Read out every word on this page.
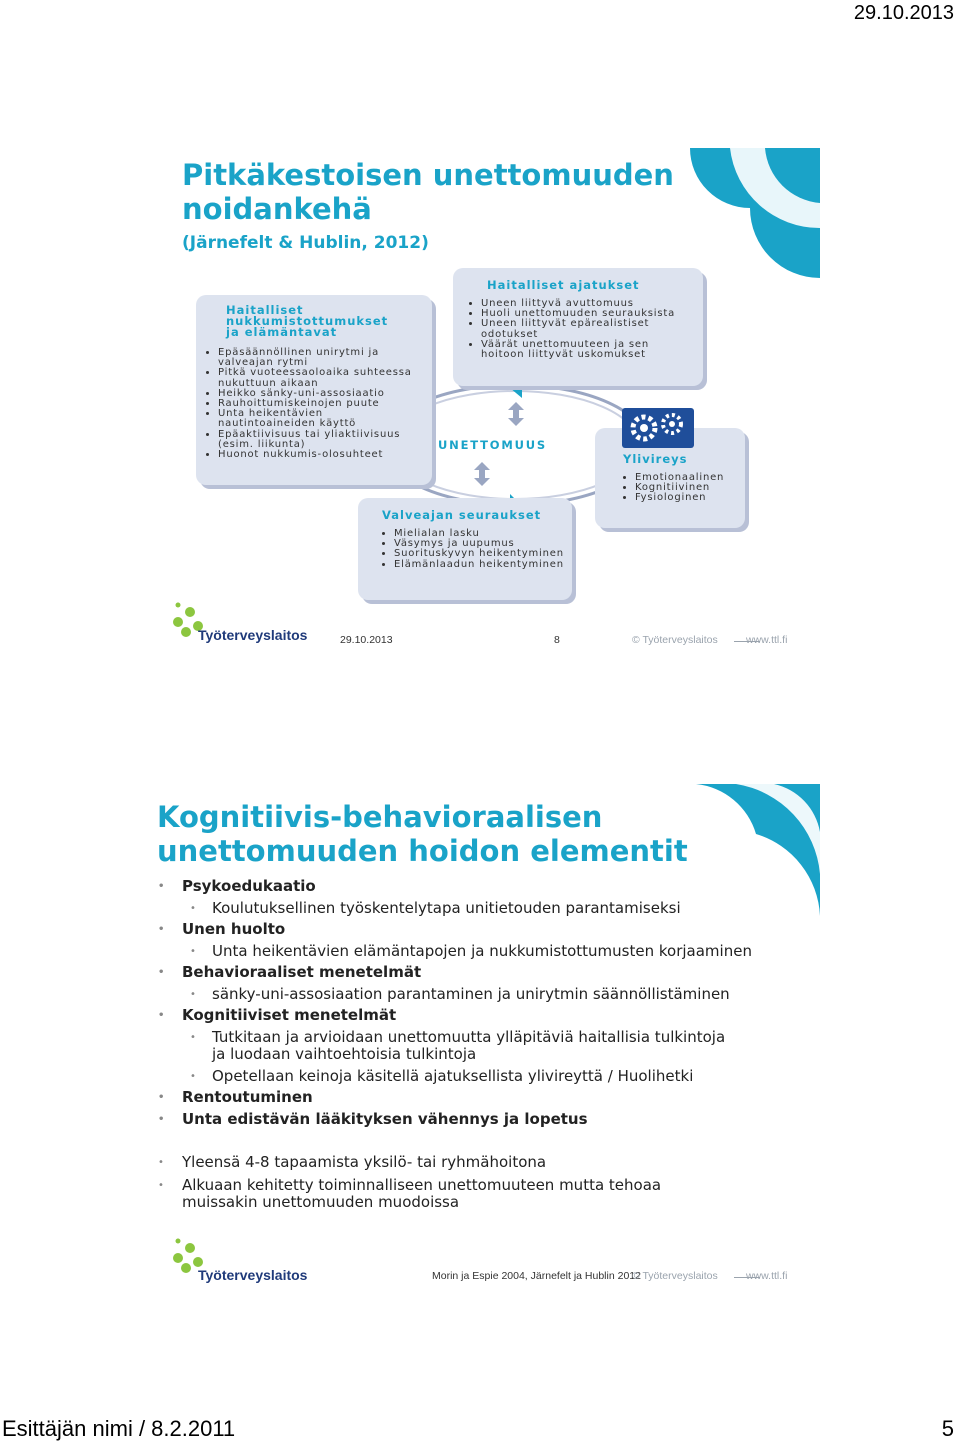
29.10.2013
Esittäjän nimi / 8.2.2011	5
Pitkäkestoisen unettomuuden
noidankehä
(Järnefelt & Hublin, 2012)
UNETTOMUUS
Haitalliset
nukkumistottumukset
ja elämäntavat
• Epäsäännöllinen unirytmi ja valveajan rytmi
• Pitkä vuoteessaoloaika suhteessa nukuttuun aikaan
• Heikko sänky-uni-assosiaatio
• Rauhoittumiskeinojen puute
• Unta heikentävien nautintoaineiden käyttö
• Epäaktiivisuus tai yliaktiivisuus (esim. liikunta)
• Huonot nukkumis-olosuhteet
Haitalliset ajatukset
• Uneen liittyvä avuttomuus
• Huoli unettomuuden seurauksista
• Uneen liittyvät epärealistiset odotukset
• Väärät unettomuuteen ja sen hoitoon liittyvät uskomukset
Ylivireys
• Emotionaalinen
• Kognitiivinen
• Fysiologinen
Valveajan seuraukset
• Mielialan lasku
• Väsymys ja uupumus
• Suorituskyvyn heikentyminen
• Elämänlaadun heikentyminen
Työterveyslaitos	29.10.2013	8	© Työterveyslaitos	www.ttl.fi
Kognitiivis-behavioraalisen
unettomuuden hoidon elementit
• Psykoedukaatio
• Koulutuksellinen työskentelytapa unitietouden parantamiseksi
• Unen huolto
• Unta heikentävien elämäntapojen ja nukkumistottumusten korjaaminen
• Behavioraaliset menetelmät
• sänky-uni-assosiaation parantaminen ja unirytmin säännöllistäminen
• Kognitiiviset menetelmät
• Tutkitaan ja arvioidaan unettomuutta ylläpitäviä haitallisia tulkintoja ja luodaan vaihtoehtoisia tulkintoja
• Opetellaan keinoja käsitellä ajatuksellista ylivireyttä / Huolihetki
• Rentoutuminen
• Unta edistävän lääkityksen vähennys ja lopetus
• Yleensä 4-8 tapaamista yksilö- tai ryhmähoitona
• Alkuaan kehitetty toiminnalliseen unettomuuteen mutta tehoaa muissakin unettomuuden muodoissa
Työterveyslaitos	Morin ja Espie 2004, Järnefelt ja Hublin 2012
© Työterveyslaitos	www.ttl.fi
